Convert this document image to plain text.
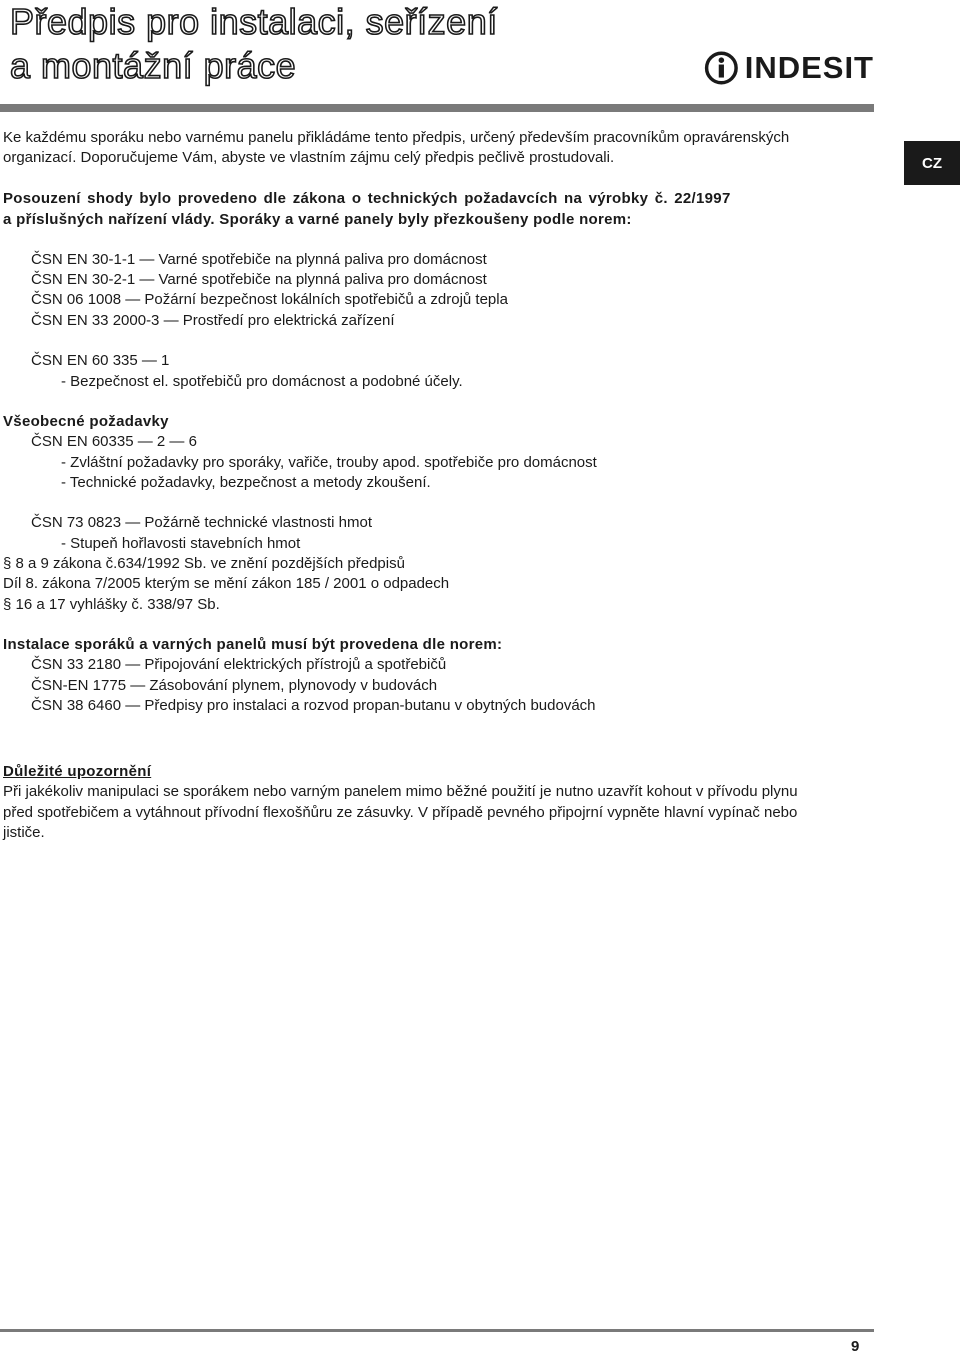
Předpis pro instalaci, seřízení
a montážní práce	INDESIT
CZ
Ke každému sporáku nebo varnému panelu přikládáme tento předpis, určený především pracovníkům opravárenských
organizací. Doporučujeme Vám, abyste ve vlastním zájmu celý předpis pečlivě prostudovali.
Posouzení shody bylo provedeno dle zákona o technických požadavcích na výrobky č. 22/1997
a příslušných nařízení vlády. Sporáky a varné panely byly přezkoušeny podle norem:
ČSN EN 30-1-1 — Varné spotřebiče na plynná paliva pro domácnost
ČSN EN 30-2-1 — Varné spotřebiče na plynná paliva pro domácnost
ČSN 06 1008 — Požární bezpečnost lokálních spotřebičů a zdrojů tepla
ČSN EN 33 2000-3 — Prostředí pro elektrická zařízení
ČSN EN 60 335 — 1
- Bezpečnost el. spotřebičů pro domácnost a podobné účely.
Všeobecné požadavky
ČSN EN 60335 — 2 — 6
- Zvláštní požadavky pro sporáky, vařiče, trouby apod. spotřebiče pro domácnost
- Technické požadavky, bezpečnost a metody zkoušení.
ČSN 73 0823 — Požárně technické vlastnosti hmot
- Stupeň hořlavosti stavebních hmot
§ 8 a 9 zákona č.634/1992 Sb. ve znění pozdějších předpisů
Díl 8. zákona 7/2005 kterým se mění zákon 185 / 2001 o odpadech
§ 16 a 17 vyhlášky č. 338/97 Sb.
Instalace sporáků a varných panelů musí být provedena dle norem:
ČSN 33 2180 — Připojování elektrických přístrojů a spotřebičů
ČSN-EN 1775 — Zásobování plynem, plynovody v budovách
ČSN 38 6460 — Předpisy pro instalaci a rozvod propan-butanu v obytných budovách
Důležité upozornění
Při jakékoliv manipulaci se sporákem nebo varným panelem mimo běžné použití je nutno uzavřít kohout v přívodu plynu
před spotřebičem a vytáhnout přívodní flexošňůru ze zásuvky. V případě pevného připojrní vypněte hlavní vypínač nebo
jističe.
9
